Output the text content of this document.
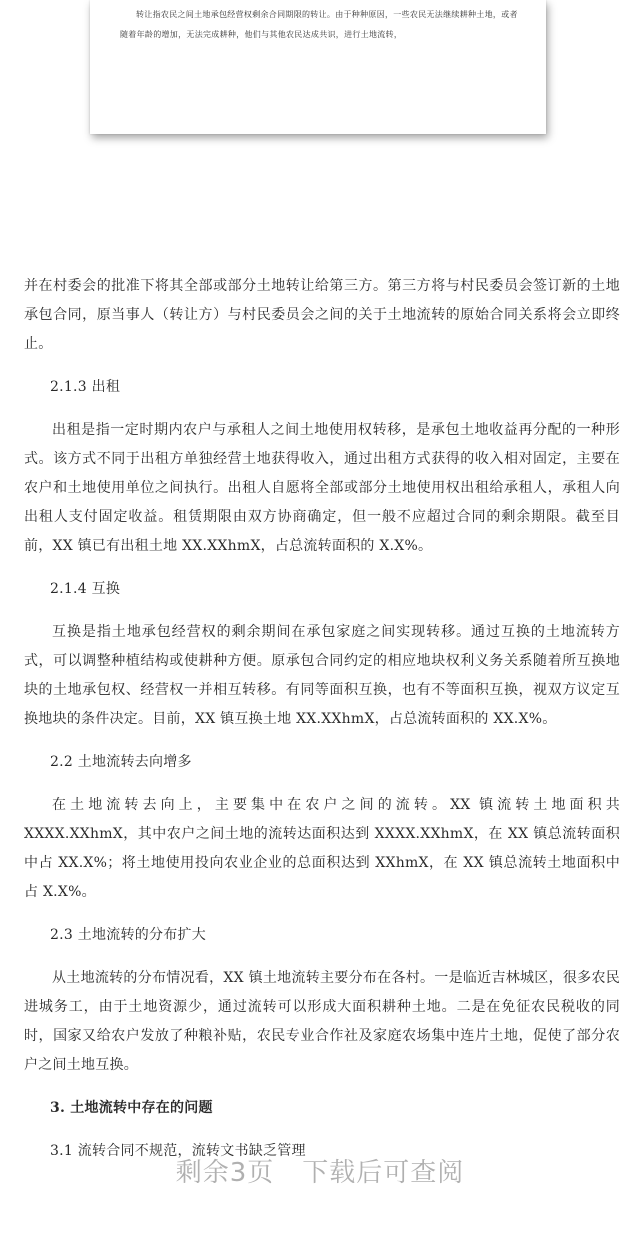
转让指农民之间土地承包经营权剩余合同期限的转让。由于种种原因，一些农民无法继续耕种土地，或者随着年龄的增加，无法完成耕种，他们与其他农民达成共识，进行土地流转，

并在村委会的批准下将其全部或部分土地转让给第三方。第三方将与村民委员会签订新的土地承包合同，原当事人（转让方）与村民委员会之间的关于土地流转的原始合同关系将会立即终止。

2.1.3 出租

出租是指一定时期内农户与承租人之间土地使用权转移，是承包土地收益再分配的一种形式。该方式不同于出租方单独经营土地获得收入，通过出租方式获得的收入相对固定，主要在农户和土地使用单位之间执行。出租人自愿将全部或部分土地使用权出租给承租人，承租人向出租人支付固定收益。租赁期限由双方协商确定，但一般不应超过合同的剩余期限。截至目前，XX 镇已有出租土地 XX.XXhmX，占总流转面积的 X.X%。

2.1.4 互换

互换是指土地承包经营权的剩余期间在承包家庭之间实现转移。通过互换的土地流转方式，可以调整种植结构或使耕种方便。原承包合同约定的相应地块权利义务关系随着所互换地块的土地承包权、经营权一并相互转移。有同等面积互换，也有不等面积互换，视双方议定互换地块的条件决定。目前，XX 镇互换土地 XX.XXhmX，占总流转面积的 XX.X%。

2.2 土地流转去向增多

在土地流转去向上，主要集中在农户之间的流转。XX 镇流转土地面积共 XXXX.XXhmX，其中农户之间土地的流转达面积达到 XXXX.XXhmX，在 XX 镇总流转面积中占 XX.X%；将土地使用投向农业企业的总面积达到 XXhmX，在 XX 镇总流转土地面积中占 X.X%。

2.3 土地流转的分布扩大

从土地流转的分布情况看，XX 镇土地流转主要分布在各村。一是临近吉林城区，很多农民进城务工，由于土地资源少，通过流转可以形成大面积耕种土地。二是在免征农民税收的同时，国家又给农户发放了种粮补贴，农民专业合作社及家庭农场集中连片土地，促使了部分农户之间土地互换。

3. 土地流转中存在的问题
3.1 流转合同不规范，流转文书缺乏管理
剩余3页 下载后可查阅
